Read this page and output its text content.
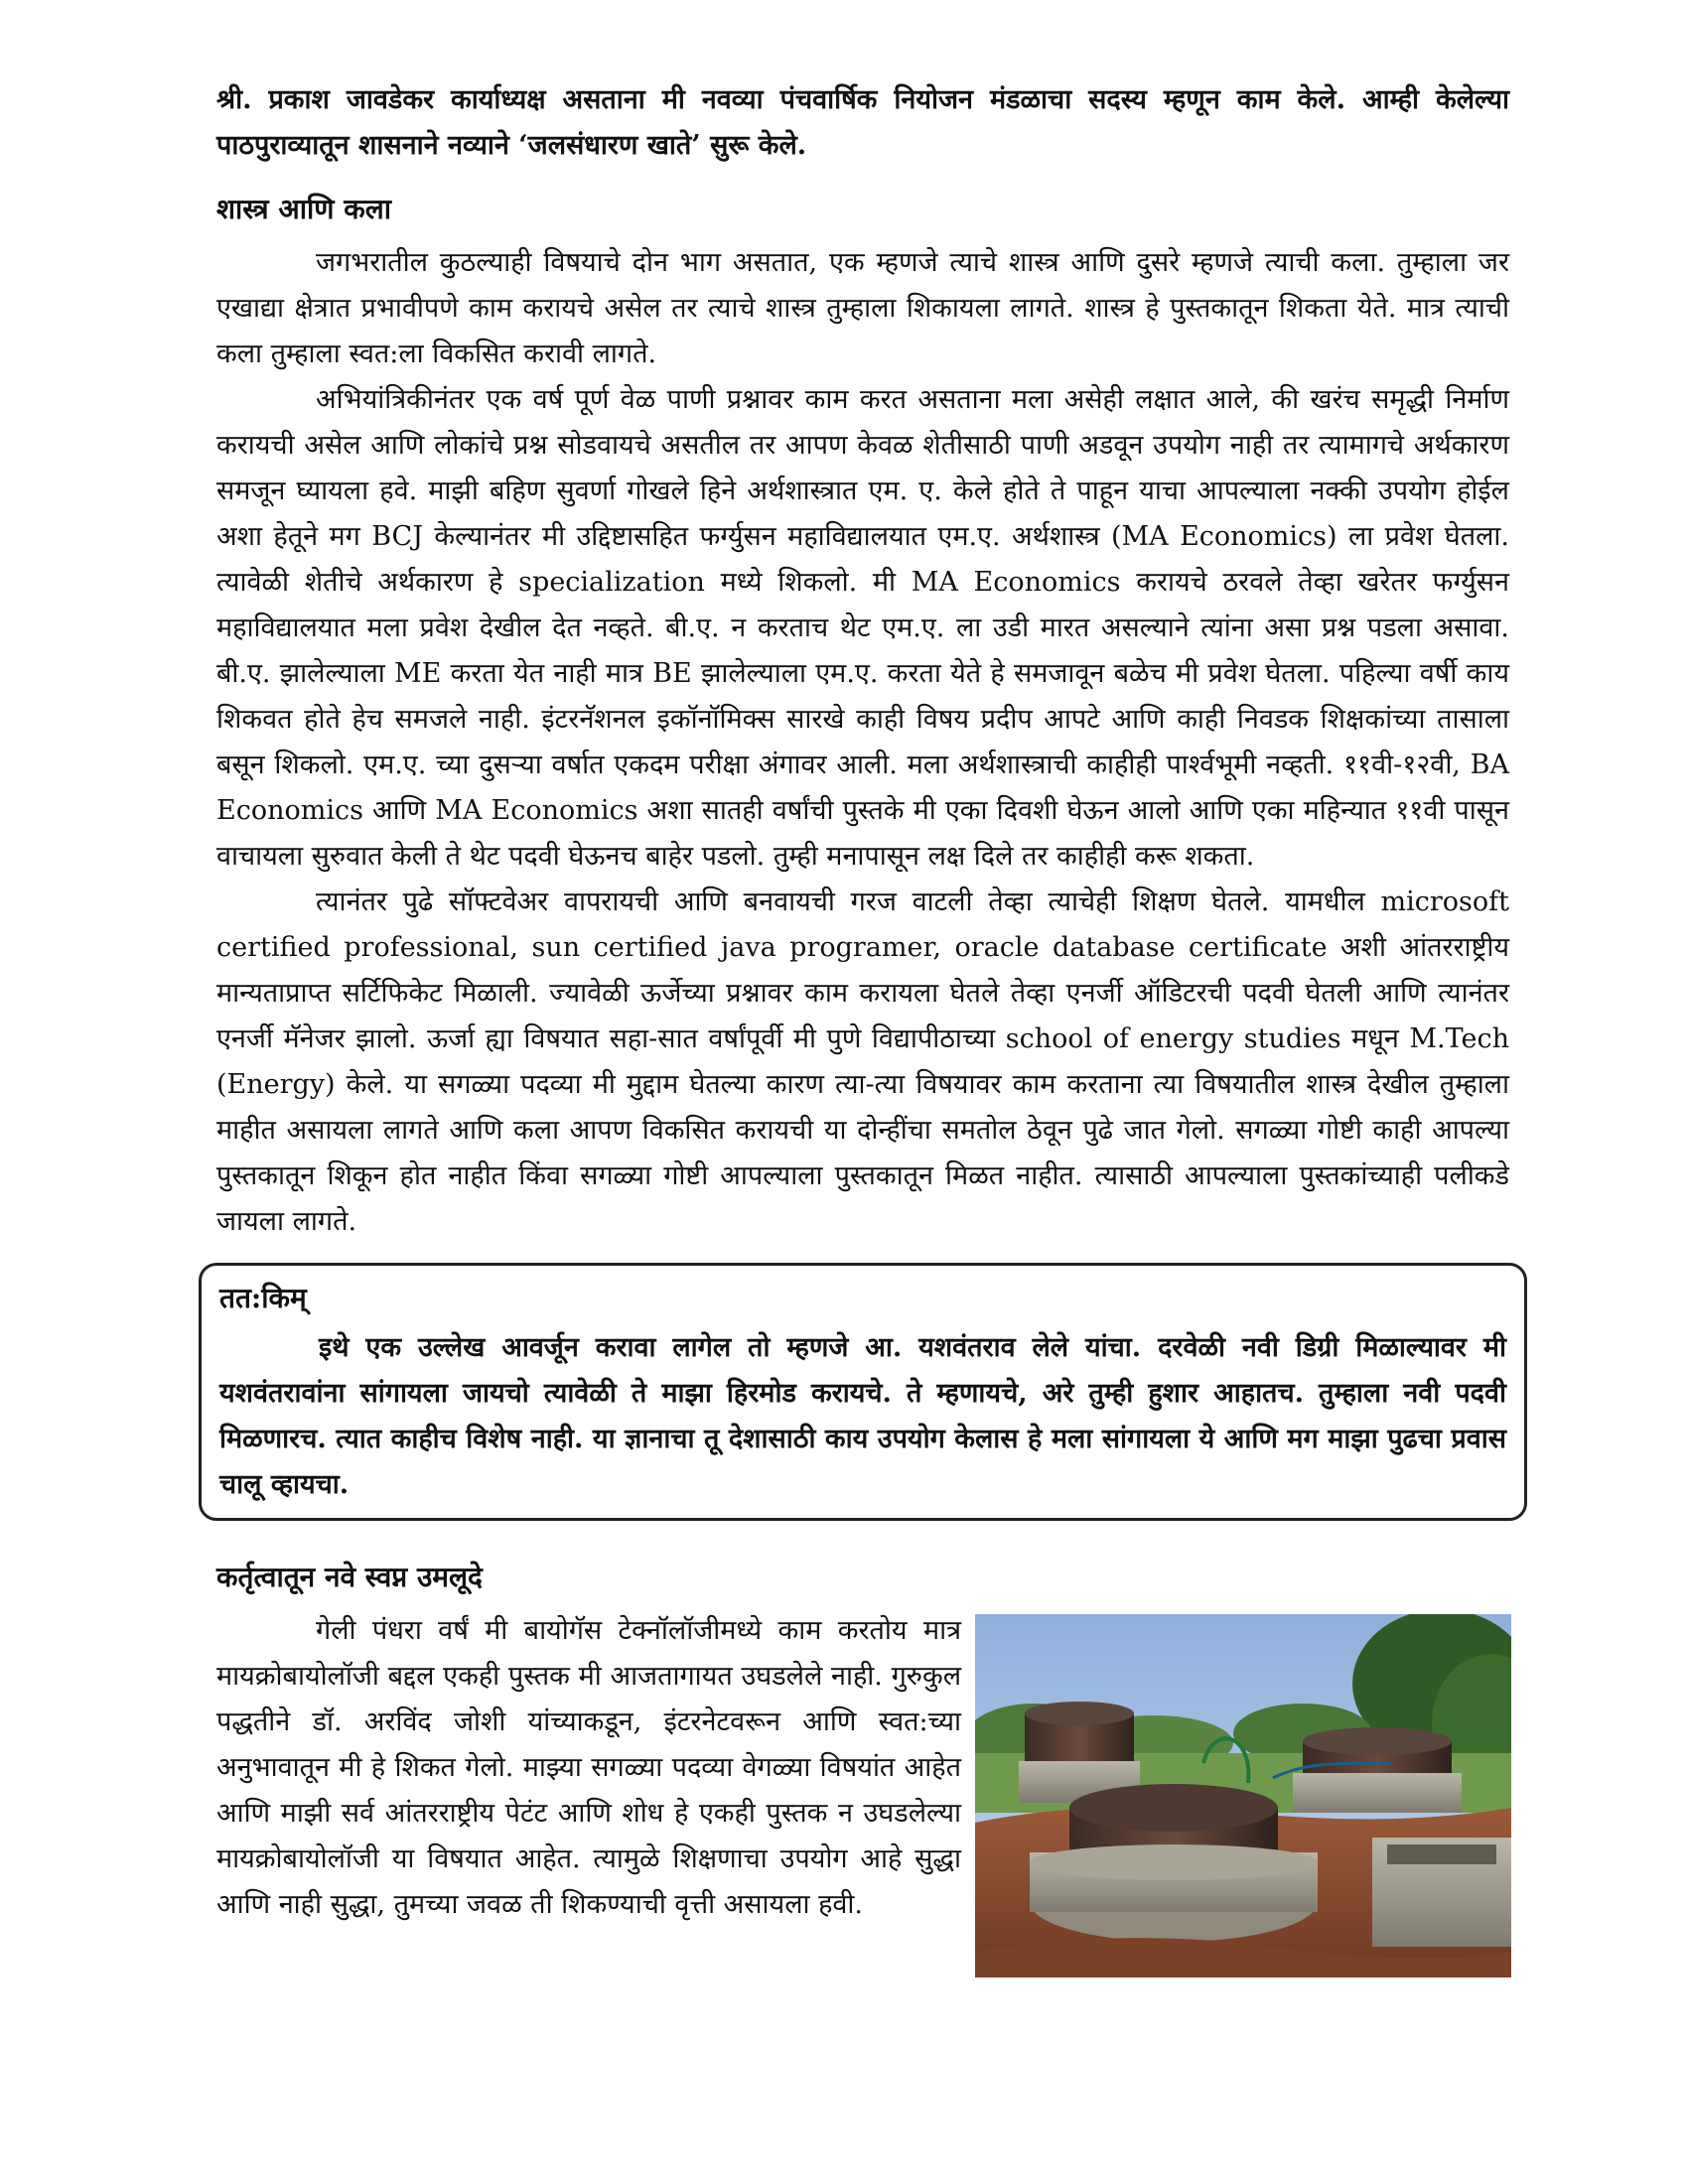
श्री. प्रकाश जावडेकर कार्याध्यक्ष असताना मी नवव्या पंचवार्षिक नियोजन मंडळाचा सदस्य म्हणून काम केले. आम्ही केलेल्या पाठपुराव्यातून शासनाने नव्याने ‘जलसंधारण खाते’ सुरू केले.

शास्त्र आणि कला

जगभरातील कुठल्याही विषयाचे दोन भाग असतात, एक म्हणजे त्याचे शास्त्र आणि दुसरे म्हणजे त्याची कला. तुम्हाला जर एखाद्या क्षेत्रात प्रभावीपणे काम करायचे असेल तर त्याचे शास्त्र तुम्हाला शिकायला लागते. शास्त्र हे पुस्तकातून शिकता येते. मात्र त्याची कला तुम्हाला स्वत:ला विकसित करावी लागते.

अभियांत्रिकीनंतर एक वर्ष पूर्ण वेळ पाणी प्रश्नावर काम करत असताना मला असेही लक्षात आले, की खरंच समृद्धी निर्माण करायची असेल आणि लोकांचे प्रश्न सोडवायचे असतील तर आपण केवळ शेतीसाठी पाणी अडवून उपयोग नाही तर त्यामागचे अर्थकारण समजून घ्यायला हवे. माझी बहिण सुवर्णा गोखले हिने अर्थशास्त्रात एम. ए. केले होते ते पाहून याचा आपल्याला नक्की उपयोग होईल अशा हेतूने मग BCJ केल्यानंतर मी उद्दिष्टासहित फर्ग्युसन महाविद्यालयात एम.ए. अर्थशास्त्र (MA Economics) ला प्रवेश घेतला. त्यावेळी शेतीचे अर्थकारण हे specialization मध्ये शिकलो. मी MA Economics करायचे ठरवले तेव्हा खरेतर फर्ग्युसन महाविद्यालयात मला प्रवेश देखील देत नव्हते. बी.ए. न करताच थेट एम.ए. ला उडी मारत असल्याने त्यांना असा प्रश्न पडला असावा. बी.ए. झालेल्याला ME करता येत नाही मात्र BE झालेल्याला एम.ए. करता येते हे समजावून बळेच मी प्रवेश घेतला. पहिल्या वर्षी काय शिकवत होते हेच समजले नाही. इंटरनॅशनल इकॉनॉमिक्स सारखे काही विषय प्रदीप आपटे आणि काही निवडक शिक्षकांच्या तासाला बसून शिकलो. एम.ए. च्या दुसऱ्या वर्षात एकदम परीक्षा अंगावर आली. मला अर्थशास्त्राची काहीही पार्श्वभूमी नव्हती. ११वी-१२वी, BA Economics आणि MA Economics अशा सातही वर्षांची पुस्तके मी एका दिवशी घेऊन आलो आणि एका महिन्यात ११वी पासून वाचायला सुरुवात केली ते थेट पदवी घेऊनच बाहेर पडलो. तुम्ही मनापासून लक्ष दिले तर काहीही करू शकता.

त्यानंतर पुढे सॉफ्टवेअर वापरायची आणि बनवायची गरज वाटली तेव्हा त्याचेही शिक्षण घेतले. यामधील microsoft certified professional, sun certified java programer, oracle database certificate अशी आंतरराष्ट्रीय मान्यताप्राप्त सर्टिफिकेट मिळाली. ज्यावेळी ऊर्जेच्या प्रश्नावर काम करायला घेतले तेव्हा एनर्जी ऑडिटरची पदवी घेतली आणि त्यानंतर एनर्जी मॅनेजर झालो. ऊर्जा ह्या विषयात सहा-सात वर्षांपूर्वी मी पुणे विद्यापीठाच्या school of energy studies मधून M.Tech (Energy) केले. या सगळ्या पदव्या मी मुद्दाम घेतल्या कारण त्या-त्या विषयावर काम करताना त्या विषयातील शास्त्र देखील तुम्हाला माहीत असायला लागते आणि कला आपण विकसित करायची या दोन्हींचा समतोल ठेवून पुढे जात गेलो. सगळ्या गोष्टी काही आपल्या पुस्तकातून शिकून होत नाहीत किंवा सगळ्या गोष्टी आपल्याला पुस्तकातून मिळत नाहीत. त्यासाठी आपल्याला पुस्तकांच्याही पलीकडे जायला लागते.

तत:किम्

इथे एक उल्लेख आवर्जून करावा लागेल तो म्हणजे आ. यशवंतराव लेले यांचा. दरवेळी नवी डिग्री मिळाल्यावर मी यशवंतरावांना सांगायला जायचो त्यावेळी ते माझा हिरमोड करायचे. ते म्हणायचे, अरे तुम्ही हुशार आहातच. तुम्हाला नवी पदवी मिळणारच. त्यात काहीच विशेष नाही. या ज्ञानाचा तू देशासाठी काय उपयोग केलास हे मला सांगायला ये आणि मग माझा पुढचा प्रवास चालू व्हायचा.

कर्तृत्वातून नवे स्वप्न उमलूदे

गेली पंधरा वर्षं मी बायोगॅस टेक्नॉलॉजीमध्ये काम करतोय मात्र मायक्रोबायोलॉजी बद्दल एकही पुस्तक मी आजतागायत उघडलेले नाही. गुरुकुल पद्धतीने डॉ. अरविंद जोशी यांच्याकडून, इंटरनेटवरून आणि स्वत:च्या अनुभावातून मी हे शिकत गेलो. माझ्या सगळ्या पदव्या वेगळ्या विषयांत आहेत आणि माझी सर्व आंतरराष्ट्रीय पेटंट आणि शोध हे एकही पुस्तक न उघडलेल्या मायक्रोबायोलॉजी या विषयात आहेत. त्यामुळे शिक्षणाचा उपयोग आहे सुद्धा आणि नाही सुद्धा, तुमच्या जवळ ती शिकण्याची वृत्ती असायला हवी.
